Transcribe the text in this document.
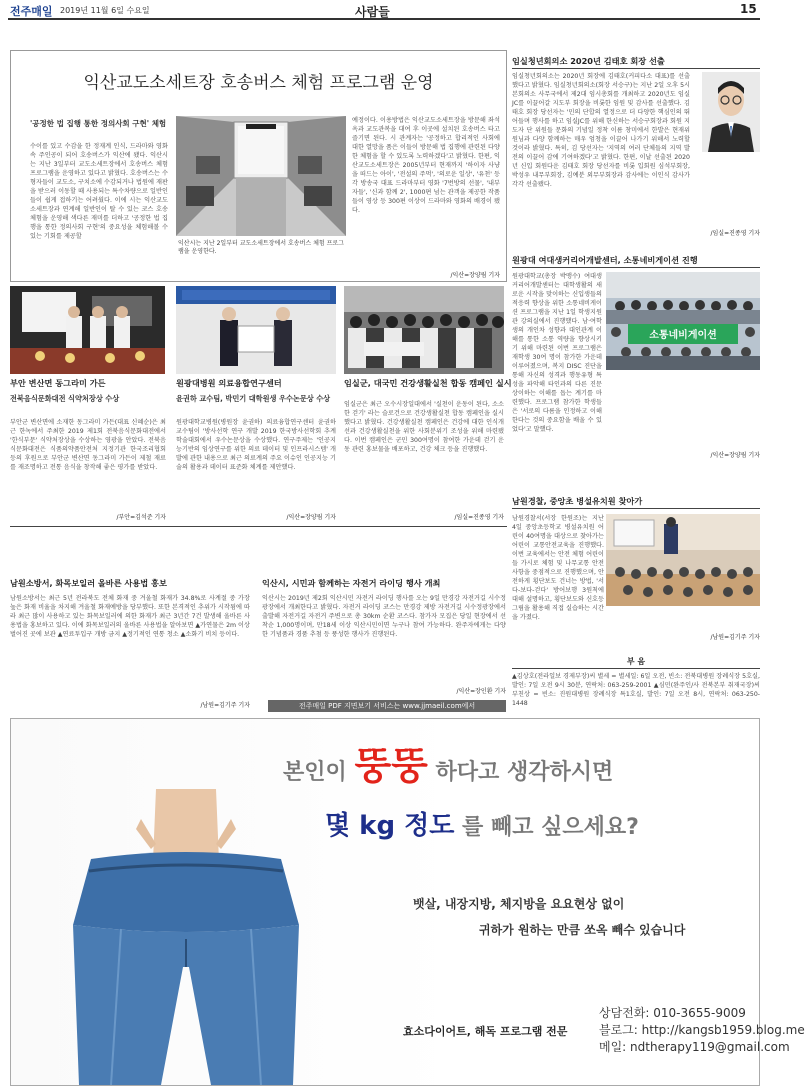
전주매일 2019년 11월 6일 수요일	사람들	15
익산교도소세트장 호송버스 체험 프로그램 운영
'공정한 법 집행 통한 정의사회 구현' 체험
수이를 있고 수감을 한 정재계 인식, 드라마와 영화 속 주인공이 되어 호송버스가 익산에 됐다. 익산시는 지난 3일부터 교도소세트장에서 호송버스 체험 프로그램을 운영하고 있다고 밝혔다. 호송버스는 수형자들이 교도소, 구치소에 수감되거나 법원에 재판을 받으러 이동할 때 사용되는 특수차량으로 일반인들이 쉽게 접하기는 어려웠다. 이에 시는 익산교도소세트장과 연계해 일반인이 탈 수 있는 코스 호송체험을 운영해 색다른 재미를 더하고 '공정한 법 집행을 통한 정의사회 구현'의 중요성을 체험해볼 수 있는 기회를 제공할
익산시는 지난 2일부터 교도소세트장에서 호송버스 체험 프로그램을 운영한다.
예정이다. 이용방법은 익산교도소세트장을 방문해 좌석옥과 교도관복을 대여 후 이곳에 설치된 호송버스 타고 즐기면 된다. 시 관계자는 '공정하고 합리적인 사회에 대한 열망을 품은 이들이 방문해 법 집행에 관련된 다양한 체험을 할 수 있도록 노력하겠다'고 밝혔다. 한편, 익산교도소세트장은 2005년부터 현재까지 '하이자 사냥을 떠드는 아이', '전설의 주먹', '의로운 일상', '유천' 등 각 방송국 대표 드라마부터 영화 '7번방의 선물', '내부자들', '신과 함께 2', 1000편 넘는 관객을 제공한 작품들이 영상 등 300편 이상이 드라마와 영화의 배경이 됐다.
/익산=장양림 기자
임실청년회의소 2020년 김태호 회장 선출
임실청년회의소는 2020년 회장에 김태호(커피다소 대표)를 선출했다고 밝혔다. 임실청년회의소(회장 서승구)는 지난 2일 오후 5시 본회의소 사무국에서 제2대 임시총회를 개최하고 2020년도 임실JC를 이끌어갈 지도부 회장을 비롯한 임원 및 감사를 선출했다. 김태호 회장 당선자는 '민의 단합의 열정으로 더 다양한 핵심인의 뛰어들며 행사를 하고 임실JC를 위해 한신하는 서승구회장과 회원 지도자 단 위원들 문화의 기념일 정착 이름 창미에서 한발은 현재위원님과 다양 함께하는 매우 엄청을 이끌어 나가기 위해서 노력할 것이라 밝혔다. 특히, 김 당선자는 '지역의 여러 단체들의 지역 발전의 이끌어 감에 기여하겠다'고 밝혔다. 한편, 이날 선출된 2020년 신입 회원다운 김태호 회장 당선자를 비롯 입회원 심석부회장, 박성우 내무부회장, 김예분 외무부회장과 감사에는 이인식 감사가 각각 선출됐다.
/임실=진종영 기자
원광대 여대생커리어개발센터, 소통네비게이션 진행
원광대학교(총장 박맹수) 여대생커리어개발센터는 대학생활의 새로운 시작을 맞이하는 신입생들의 적응력 향상을 위한 소통네비게이션 프로그램을 지난 1일 학생지원관 강의실에서 진행했다. 남·여학생의 개인차 성향과 대인관계 이해를 통한 소통 역량을 향상시키기 위해 마련된 이번 프로그램은 재학생 30여 명이 참가한 가운데 이루어졌으며, 복지 DISC 진단을 통해 자신의 성격과 행동유형 특성을 파악해 타인과의 다른 진문 상이하는 이해를 돕는 계기를 마련했다. 프로그램 참가한 학생들은 '서로의 다름을 인정하고 이해한다는 것의 중요함을 배울 수 있었다'고 말했다.
소통네비게이션
/익산=장양림 기자
남원경찰, 중앙초 병설유치원 찾아가
남원경찰서(서장 한원조)는 지난 4일 중앙초등학교 병설유치원 어린이 40여명을 대상으로 찾아가는 어린이 교통안전교육을 진행했다. 이번 교육에서는 안전 체험 어린이들 가시로 체험 및 나무교통 안전 사항을 중점적으로 진행했으며, 안전하게 횡단보도 건너는 방법, '서다-보다-걷다' 방어보행 3원칙에 대해 설명하고, 횡단보도와 신호등 그림을 활용해 직접 실습하는 시간을 가졌다.
/남원=김기주 기자
부 음
▲김상호(전라일보 경제부장)씨 별세 = 별세일: 6일 오전, 빈소: 전북대병원 장례식장 5호실, 발인: 7일 오전 9시 30분, 연락처: 063-259-2001 ▲심민(완주인/사 전북본부 취재국장)씨 부친상 = 빈소: 진원대병원 장례식장 특1호실, 발인: 7일 오전 8시, 연락처: 063-250-1448
부안 변산면 동그라미 가든
전북음식문화대전 식약처장상 수상
부안군 변산면에 소재한 동그라미 가든(대표 신혜순)은 최근 한녹에서 주최한 2019 제1회 전북음식문화대전에서 '한식부문' 식약처장상을 수상하는 영광을 안았다. 전북음식문화대전은 식품의약품안전처 지정기관 한국조리협회 등의 후원으로 부안군 변산면 동그라미 가든이 제철 재료를 재조명하고 전통 음식을 창작해 좋은 평가를 받았다.
/부안=김석준 기자
원광대병원 의료융합연구센터
윤권하 교수팀, 박민기 대학원생 우수논문상 수상
원광대학교병원(병원장 윤권하) 의료융합연구센터 윤권하 교수팀이 '방사선학 연구 개발 2019 한국방사선학회 추계학술대회에서 우수논문상을 수상했다. 연구주제는 '인공지능기반의 임상연구를 위한 의료 데이터 및 인프라시스템' 개발에 관한 내용으로 최근 의료계의 주요 이슈인 인공지능 기술의 활용과 데이터 표준화 체계를 제안했다.
/익산=장양림 기자
임실군, 대국민 건강생활실천 합동 캠페인 실시
임실군은 최근 오수시장일대에서 '실천이 운동이 된다, 소소한 걷기' 라는 슬로건으로 건강생활실천 합동 캠페인을 실시했다고 밝혔다. 건강생활실천 캠페인은 건강에 대한 인식개선과 건강생활실천을 위한 사회분위기 조성을 위해 마련됐다. 이번 캠페인은 군민 300여명이 참여한 가운데 걷기 운동 관련 홍보물을 배포하고, 건강 체크 등을 진행했다.
/임실=진종영 기자
남원소방서, 화목보일러 올바른 사용법 홍보
남원소방서는 최근 5년 전라북도 전체 화재 중 겨울철 화재가 34.8%로 사계절 중 가장 높은 화재 비율을 차지해 겨울철 화재예방을 당부했다. 또한 본격적인 추위가 시작됨에 따라 최근 많이 사용하고 있는 화목보일러에 의한 화재가 최근 3년간 7건 발생해 올바른 사용법을 홍보하고 있다. 이에 화목보일러의 올바른 사용법을 알아보면 ▲가연물은 2m 이상 벌어진 곳에 보관 ▲연료투입구 개방 금지 ▲정기적인 연통 청소 ▲소화기 비치 등이다.
/남원=김기주 기자
익산시, 시민과 함께하는 자전거 라이딩 행사 개최
익산시는 2019년 제2회 익산시민 자전거 라이딩 행사를 오는 9일 만경강 자전거길 시수정 광장에서 개최한다고 밝혔다. 자전거 라이딩 코스는 만경강 제방 자전거길 시수정광장에서 출발해 자전거길 자전거 주변으로 총 30km 순환 코스다. 참가자 모집은 당일 현장에서 선착순 1,000명이며, 만18세 이상 익산시민이면 누구나 참여 가능하다. 완주자에게는 다양한 기념품과 경품 추첨 등 풍성한 행사가 진행된다.
/익산=장인환 기자
전주매일 PDF 지면보기 서비스는 www.jjmaeil.com에서
본인이 뚱뚱 하다고 생각하시면
몇 kg 정도 를 빼고 싶으세요?
뱃살, 내장지방, 체지방을 요요현상 없이
귀하가 원하는 만큼 쏘옥 빼수 있습니다
효소다이어트, 해독 프로그램 전문
상담전화: 010-3655-9009
블로그: http://kangsb1959.blog.me
메일: ndtherapy119@gmail.com
